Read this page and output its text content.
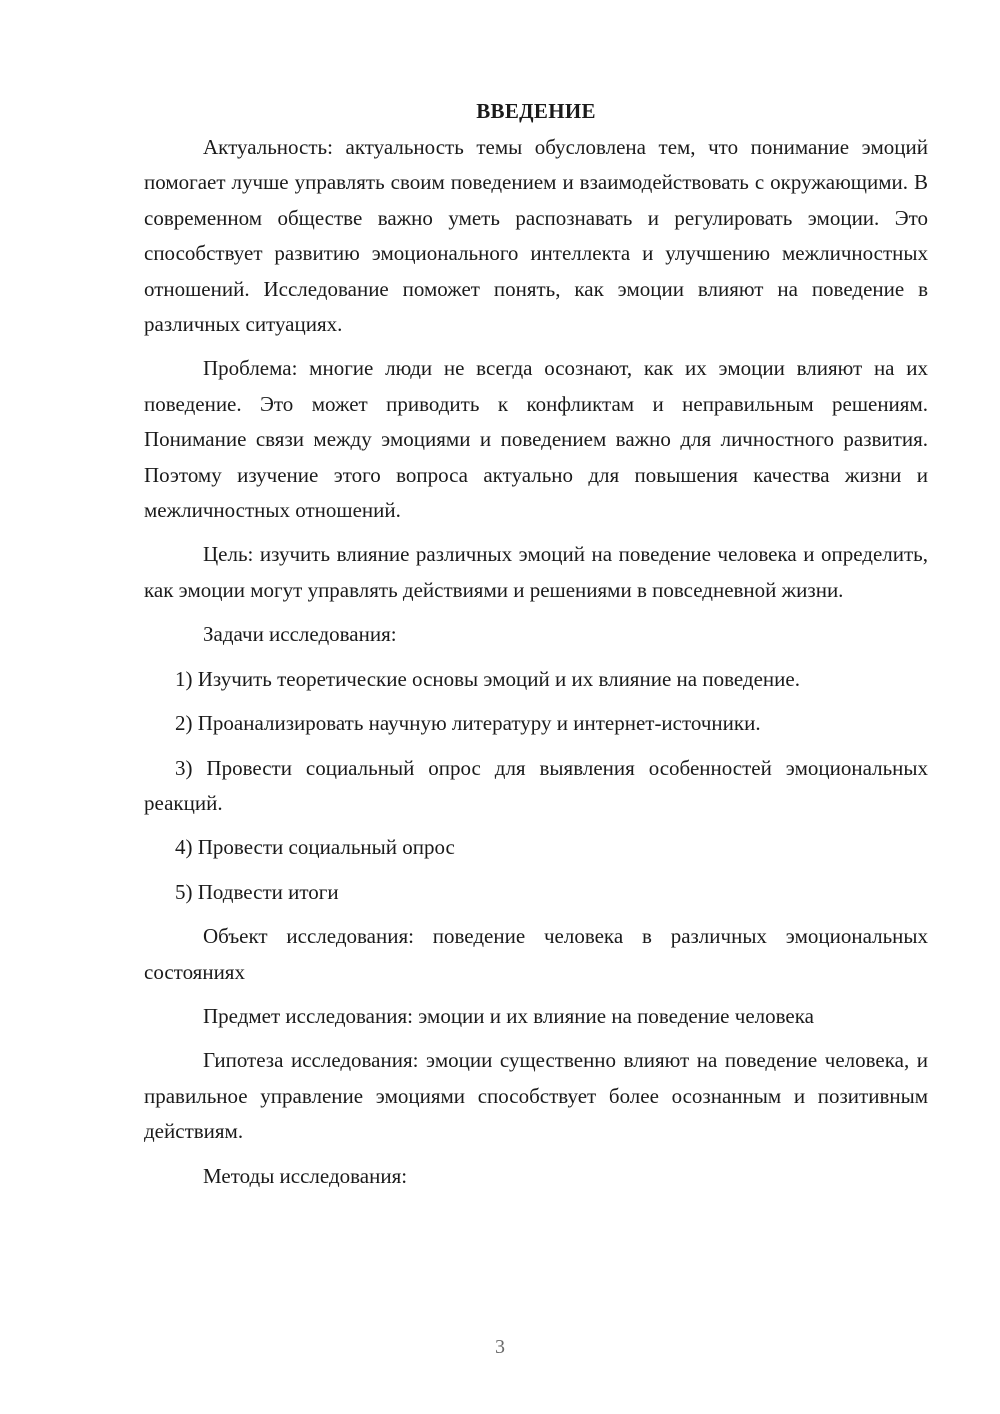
ВВЕДЕНИЕ
Актуальность: актуальность темы обусловлена тем, что понимание эмоций помогает лучше управлять своим поведением и взаимодействовать с окружающими. В современном обществе важно уметь распознавать и регулировать эмоции. Это способствует развитию эмоционального интеллекта и улучшению межличностных отношений. Исследование поможет понять, как эмоции влияют на поведение в различных ситуациях.
Проблема: многие люди не всегда осознают, как их эмоции влияют на их поведение. Это может приводить к конфликтам и неправильным решениям. Понимание связи между эмоциями и поведением важно для личностного развития. Поэтому изучение этого вопроса актуально для повышения качества жизни и межличностных отношений.
Цель: изучить влияние различных эмоций на поведение человека и определить, как эмоции могут управлять действиями и решениями в повседневной жизни.
Задачи исследования:
1) Изучить теоретические основы эмоций и их влияние на поведение.
2) Проанализировать научную литературу и интернет-источники.
3) Провести социальный опрос для выявления особенностей эмоциональных реакций.
4) Провести социальный опрос
5) Подвести итоги
Объект исследования: поведение человека в различных эмоциональных состояниях
Предмет исследования: эмоции и их влияние на поведение человека
Гипотеза исследования: эмоции существенно влияют на поведение человека, и правильное управление эмоциями способствует более осознанным и позитивным действиям.
Методы исследования:
3
